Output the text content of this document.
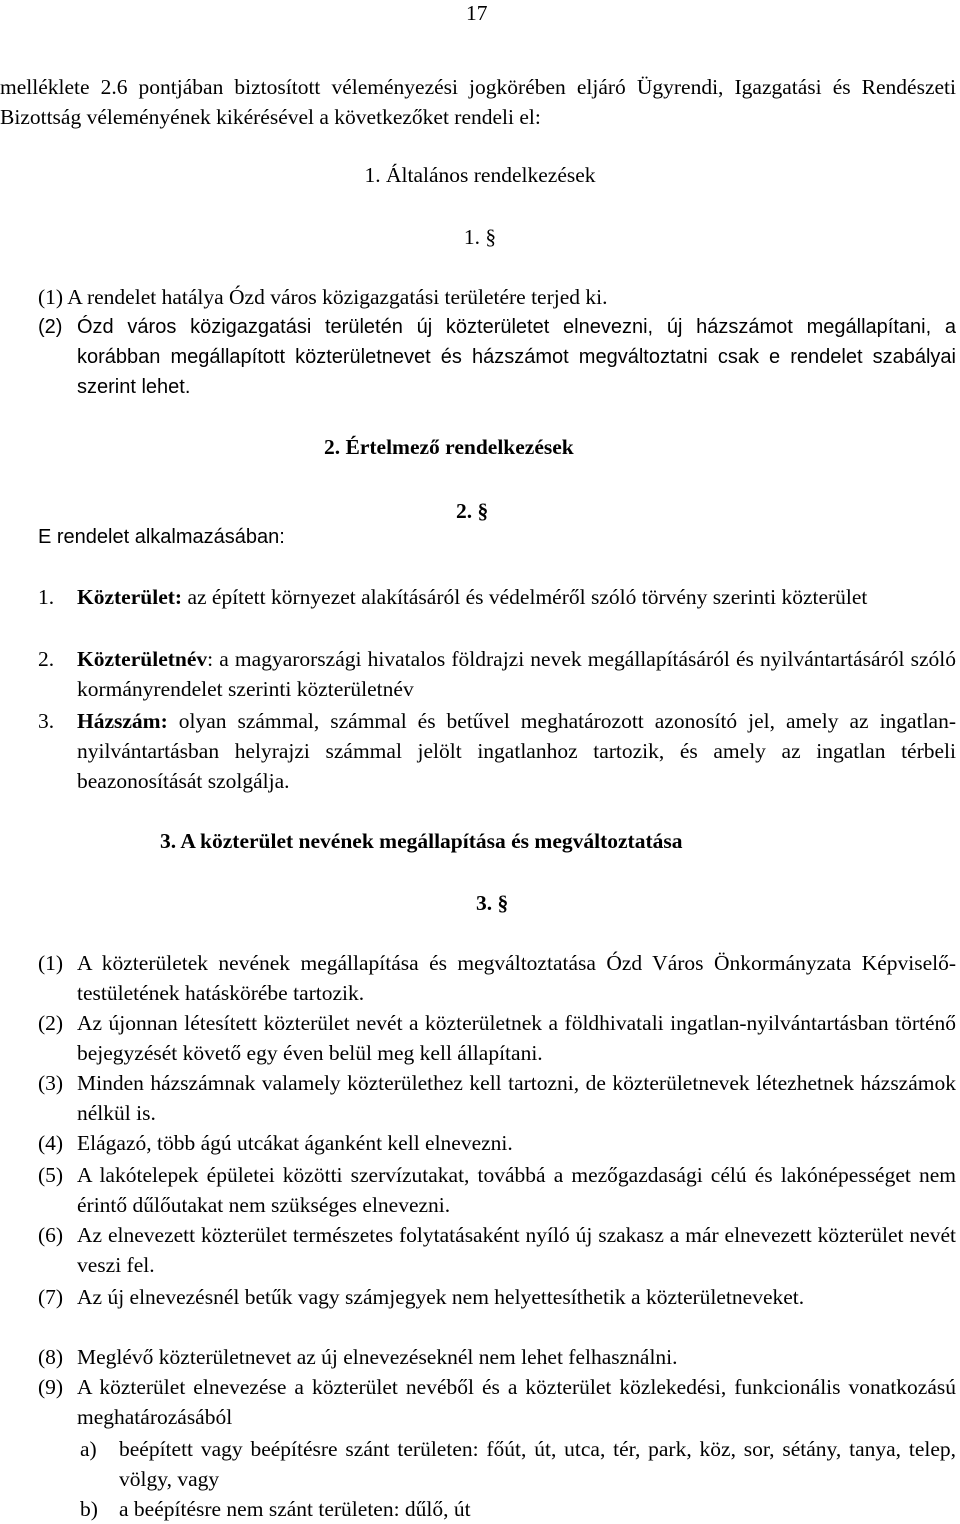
17
melléklete 2.6 pontjában biztosított véleményezési jogkörében eljáró Ügyrendi, Igazgatási és Rendészeti Bizottság véleményének kikérésével a következőket rendeli el:
1. Általános rendelkezések
1. §
(1) A rendelet hatálya Ózd város közigazgatási területére terjed ki.
(2) Ózd város közigazgatási területén új közterületet elnevezni, új házszámot megállapítani, a korábban megállapított közterületnevet és házszámot megváltoztatni csak e rendelet szabályai szerint lehet.
2. Értelmező rendelkezések
2. §
E rendelet alkalmazásában:
1.	Közterület: az épített környezet alakításáról és védelméről szóló törvény szerinti közterület
2.	Közterületnév: a magyarországi hivatalos földrajzi nevek megállapításáról és nyilvántartásáról szóló kormányrendelet szerinti közterületnév
3.	Házszám: olyan számmal, számmal és betűvel meghatározott azonosító jel, amely az ingatlan-nyilvántartásban helyrajzi számmal jelölt ingatlanhoz tartozik, és amely az ingatlan térbeli beazonosítását szolgálja.
3. A közterület nevének megállapítása és megváltoztatása
3. §
(1) A közterületek nevének megállapítása és megváltoztatása Ózd Város Önkormányzata Képviselő-testületének hatáskörébe tartozik.
(2) Az újonnan létesített közterület nevét a közterületnek a földhivatali ingatlan-nyilvántartásban történő bejegyzését követő egy éven belül meg kell állapítani.
(3) Minden házszámnak valamely közterülethez kell tartozni, de közterületnevek létezhetnek házszámok nélkül is.
(4) Elágazó, több ágú utcákat áganként kell elnevezni.
(5) A lakótelepek épületei közötti szervízutakat, továbbá a mezőgazdasági célú és lakónépességet nem érintő dűlőutakat nem szükséges elnevezni.
(6) Az elnevezett közterület természetes folytatásaként nyíló új szakasz a már elnevezett közterület nevét veszi fel.
(7) Az új elnevezésnél betűk vagy számjegyek nem helyettesíthetik a közterületneveket.
(8) Meglévő közterületnevet az új elnevezéseknél nem lehet felhasználni.
(9) A közterület elnevezése a közterület nevéből és a közterület közlekedési, funkcionális vonatkozású meghatározásából
a)	beépített vagy beépítésre szánt területen: főút, út, utca, tér, park, köz, sor, sétány, tanya, telep, völgy, vagy
b) a beépítésre nem szánt területen: dűlő, út
